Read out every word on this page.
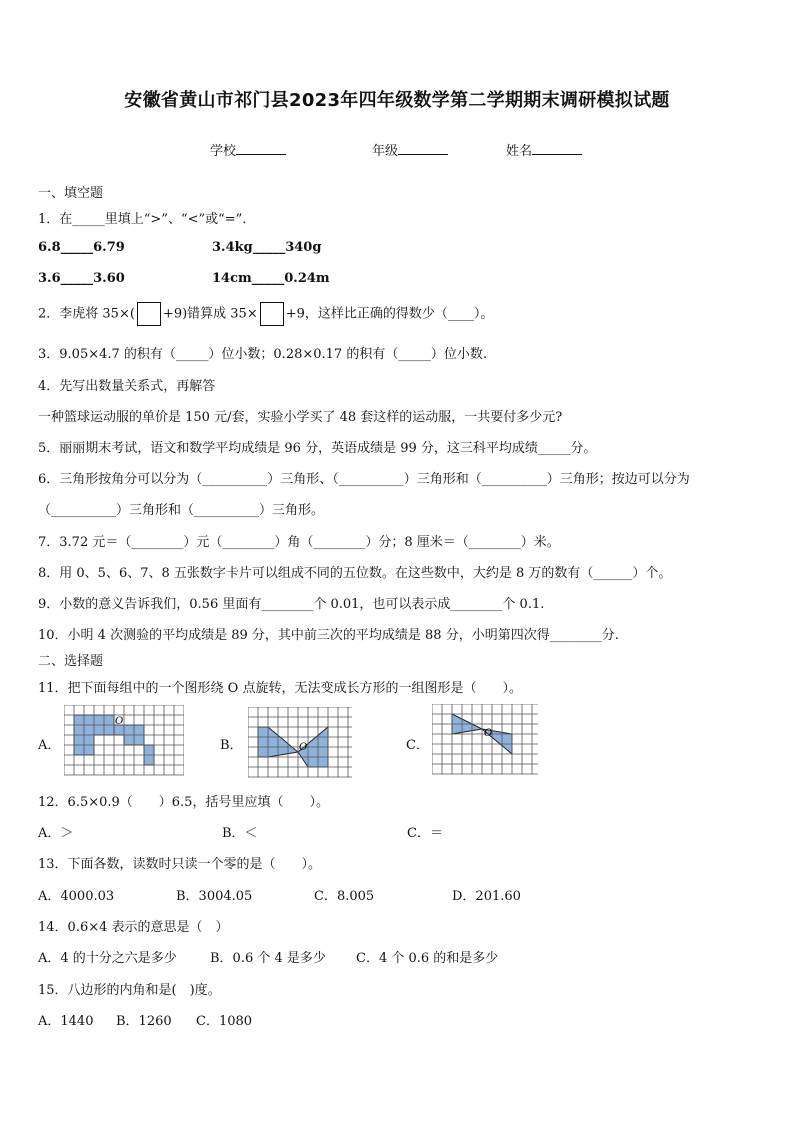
安徽省黄山市祁门县2023年四年级数学第二学期期末调研模拟试题
学校	年级	姓名
一、填空题
1．在_____里填上“>”、“<”或“=”．
6.8_____6.79	3.4kg_____340g
3.6_____3.60	14cm_____0.24m
2．李虎将 35×( +9)错算成 35× +9，这样比正确的得数少（____）。
3．9.05×4.7 的积有（_____）位小数；0.28×0.17 的积有（_____）位小数.
4．先写出数量关系式，再解答
一种篮球运动服的单价是 150 元/套，实验小学买了 48 套这样的运动服，一共要付多少元?
5．丽丽期末考试，语文和数学平均成绩是 96 分，英语成绩是 99 分，这三科平均成绩_____分。
6．三角形按角分可以分为（__________）三角形、（__________）三角形和（__________）三角形；按边可以分为
（__________）三角形和（__________）三角形。
7．3.72 元＝（________）元（________）角（________）分；8 厘米＝（________）米。
8．用 0、5、6、7、8 五张数字卡片可以组成不同的五位数。在这些数中，大约是 8 万的数有（______）个。
9．小数的意义告诉我们，0.56 里面有________个 0.01，也可以表示成________个 0.1.
10．小明 4 次测验的平均成绩是 89 分，其中前三次的平均成绩是 88 分，小明第四次得________分.
二、选择题
11．把下面每组中的一个图形绕 O 点旋转，无法变成长方形的一组图形是（　　）。
A．
O
B．	O	C．
O
12．6.5×0.9（　　）6.5，括号里应填（　　）。
A．＞	B．＜	C．＝
13．下面各数，读数时只读一个零的是（　　）。
A．4000.03	B．3004.05	C．8.005	D．201.60
14．0.6×4 表示的意思是（　）
A．4 的十分之六是多少	B．0.6 个 4 是多少 C．4 个 0.6 的和是多少
15．八边形的内角和是(　)度。
A．1440 B．1260 C．1080
